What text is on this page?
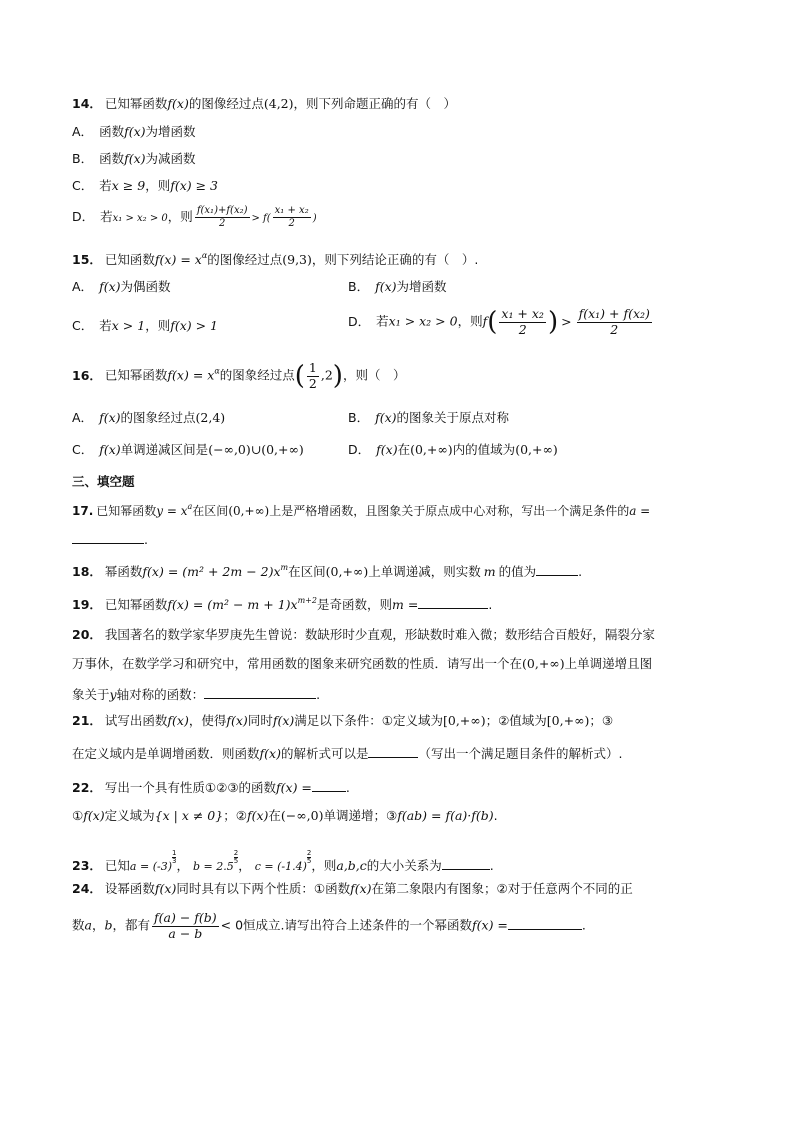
14． 已知幂函数f(x)的图像经过点(4,2)，则下列命题正确的有（　）
A． 函数f(x)为增函数
B． 函数f(x)为减函数
C． 若x ≥ 9，则f(x) ≥ 3
D． 若x₁ > x₂ > 0，则 $\frac{\text{f(x₁)+f(x₂)}}{2} > f( \frac{\text{x₁ + x₂}}{2}$ )
15． 已知函数$f(x) = x^\alpha$的图像经过点(9,3)，则下列结论正确的有（　）.
A． f(x)为偶函数	B． f(x)为增函数
C． 若x > 1，则f(x) > 1	D． 若x₁ > x₂ > 0，则$f( \frac{\text{x₁ + x₂}}{2}$ ) > $\frac{\text{f(x₁) + f(x₂)}}{2}$
16． 已知幂函数$f(x) = x^\alpha$的图象经过点( $\frac{1}{2} ,2$)，则（　）
A． f(x)的图象经过点(2,4)	B． f(x)的图象关于原点对称
C． f(x)单调递减区间是(−∞,0)∪(0,+∞)	D． f(x)在(0,+∞)内的值域为(0,+∞)
三、填空题
17. 已知幂函数$y = x^a$在区间(0,+∞)上是严格增函数，且图象关于原点成中心对称，写出一个满足条件的a =
.
18． 幂函数$f(x) = (m^2 + 2m - 2)x^m$在区间(0,+∞)上单调递减，则实数 m 的值为	.
19． 已知幂函数$f(x) = (m^2 - m + 1)x^{m+2}$是奇函数，则m =	.
20． 我国著名的数学家华罗庚先生曾说：数缺形时少直观，形缺数时难入微；数形结合百般好，隔裂分家
万事休，在数学学习和研究中，常用函数的图象来研究函数的性质．请写出一个在(0,+∞)上单调递增且图
象关于y轴对称的函数：	.
21． 试写出函数f(x)，使得f(x)同时f(x)满足以下条件：①定义域为[0,+∞)；②值域为[0,+∞)；③
在定义域内是单调增函数．则函数f(x)的解析式可以是	（写出一个满足题目条件的解析式）.
22． 写出一个具有性质①②③的函数f(x) =	.
①f(x)定义域为{x | x ≠ 0}；②f(x)在(−∞,0)单调递增；③f(ab) = f(a)·f(b).
23． 已知a = (-3)
$\frac{1}{3}$
， b = 2.5
$\frac{2}{5}$
， c = (-1.4)
$\frac{2}{5}$
，则a,b,c的大小关系为	.
24． 设幂函数f(x)同时具有以下两个性质：①函数f(x)在第二象限内有图象；②对于任意两个不同的正
数a，b，都有 $\frac{f(a) - f(b)}{a - b} < 0$恒成立.请写出符合上述条件的一个幂函数f(x) =	.
